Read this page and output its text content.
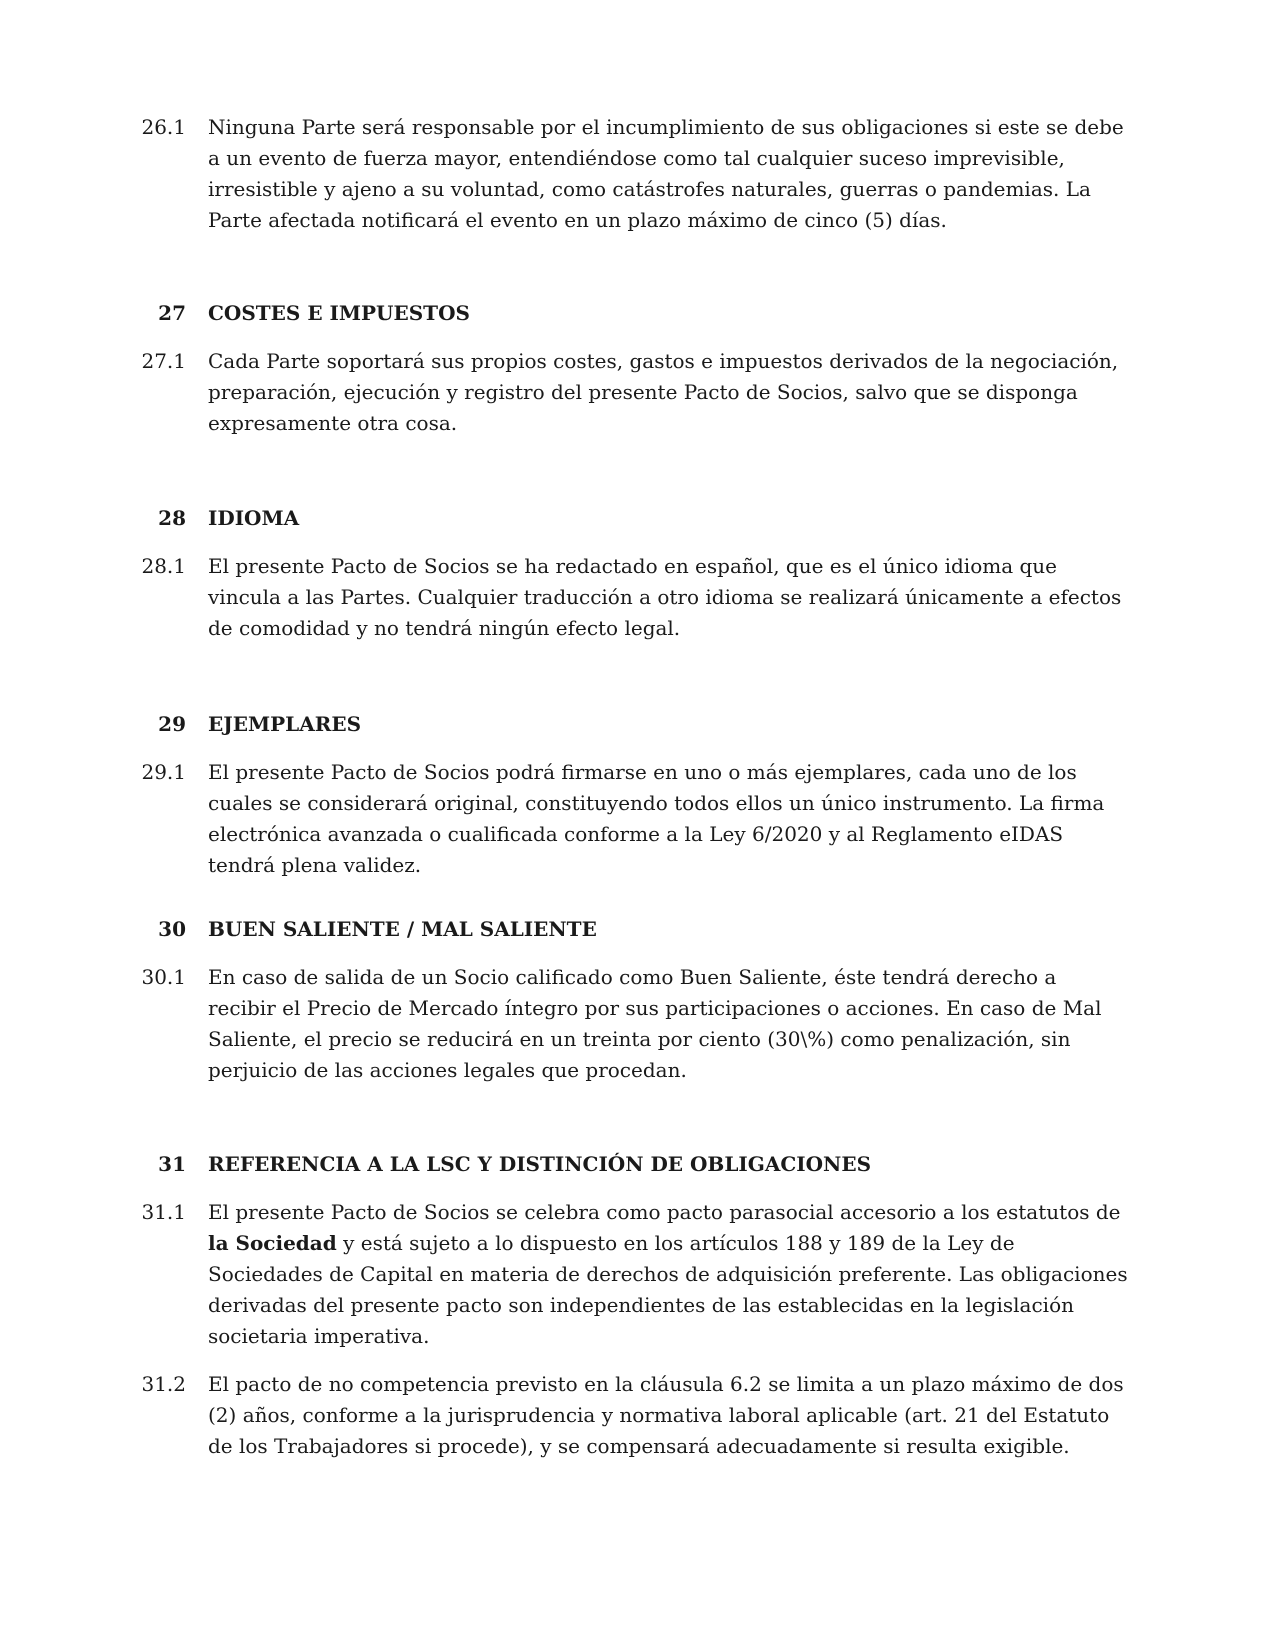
26.1 Ninguna Parte será responsable por el incumplimiento de sus obligaciones si este se debe a un evento de fuerza mayor, entendiéndose como tal cualquier suceso imprevisible, irresistible y ajeno a su voluntad, como catástrofes naturales, guerras o pandemias. La Parte afectada notificará el evento en un plazo máximo de cinco (5) días.
27 COSTES E IMPUESTOS
27.1 Cada Parte soportará sus propios costes, gastos e impuestos derivados de la negociación, preparación, ejecución y registro del presente Pacto de Socios, salvo que se disponga expresamente otra cosa.
28 IDIOMA
28.1 El presente Pacto de Socios se ha redactado en español, que es el único idioma que vincula a las Partes. Cualquier traducción a otro idioma se realizará únicamente a efectos de comodidad y no tendrá ningún efecto legal.
29 EJEMPLARES
29.1 El presente Pacto de Socios podrá firmarse en uno o más ejemplares, cada uno de los cuales se considerará original, constituyendo todos ellos un único instrumento. La firma electrónica avanzada o cualificada conforme a la Ley 6/2020 y al Reglamento eIDAS tendrá plena validez.
30 BUEN SALIENTE / MAL SALIENTE
30.1 En caso de salida de un Socio calificado como Buen Saliente, éste tendrá derecho a recibir el Precio de Mercado íntegro por sus participaciones o acciones. En caso de Mal Saliente, el precio se reducirá en un treinta por ciento (30\%) como penalización, sin perjuicio de las acciones legales que procedan.
31 REFERENCIA A LA LSC Y DISTINCIÓN DE OBLIGACIONES
31.1 El presente Pacto de Socios se celebra como pacto parasocial accesorio a los estatutos de la Sociedad y está sujeto a lo dispuesto en los artículos 188 y 189 de la Ley de Sociedades de Capital en materia de derechos de adquisición preferente. Las obligaciones derivadas del presente pacto son independientes de las establecidas en la legislación societaria imperativa.
31.2 El pacto de no competencia previsto en la cláusula 6.2 se limita a un plazo máximo de dos (2) años, conforme a la jurisprudencia y normativa laboral aplicable (art. 21 del Estatuto de los Trabajadores si procede), y se compensará adecuadamente si resulta exigible.
